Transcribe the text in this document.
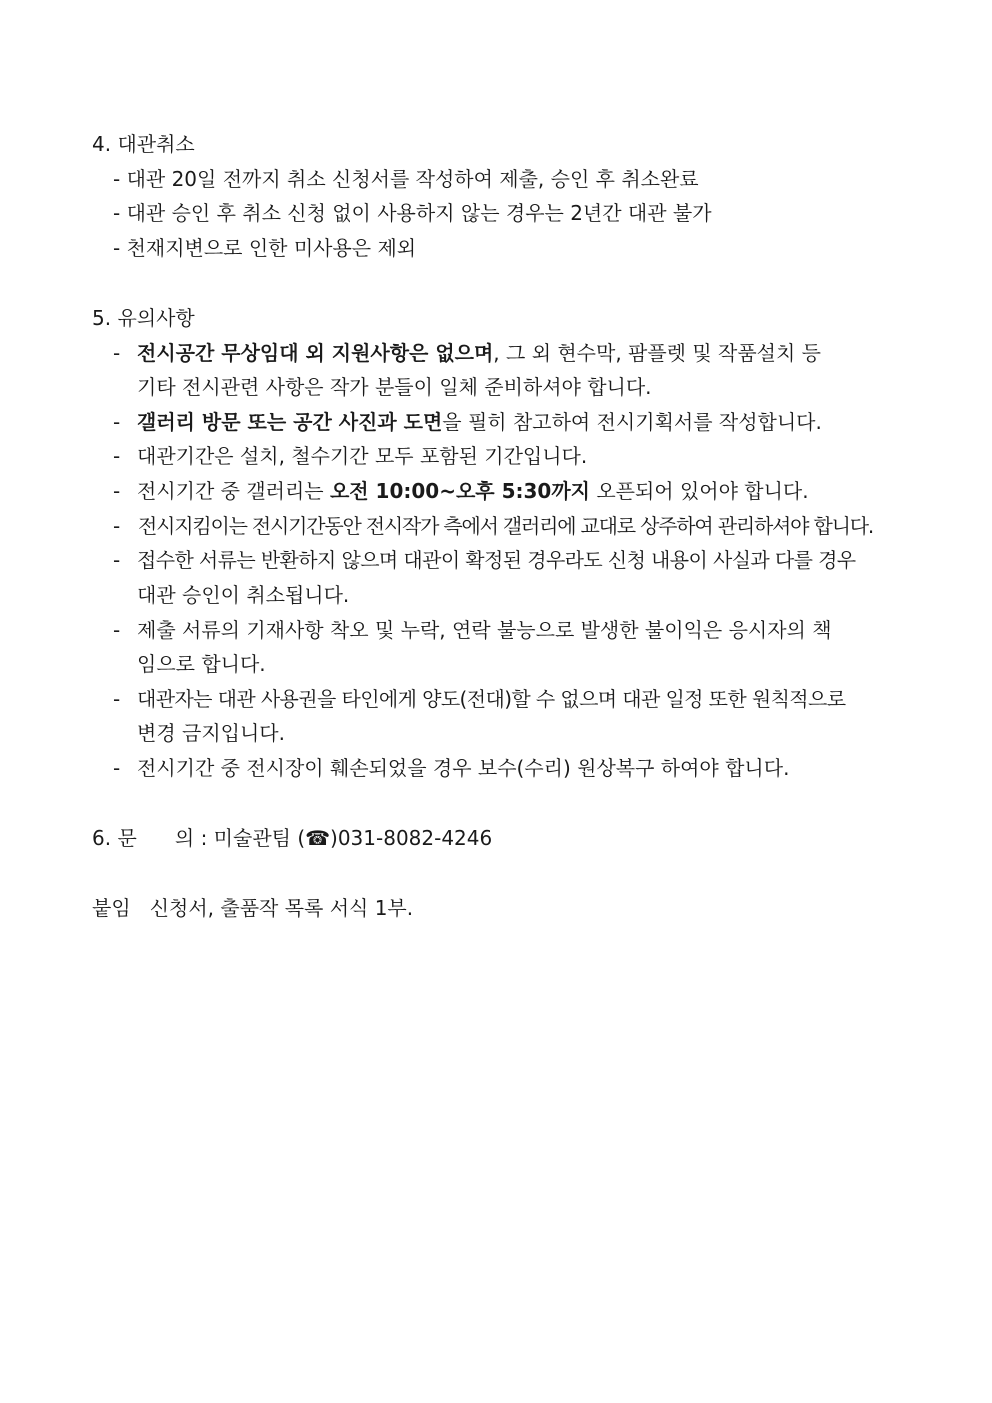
4. 대관취소
- 대관 20일 전까지 취소 신청서를 작성하여 제출, 승인 후 취소완료
- 대관 승인 후 취소 신청 없이 사용하지 않는 경우는 2년간 대관 불가
- 천재지변으로 인한 미사용은 제외
5. 유의사항
- 전시공간 무상임대 외 지원사항은 없으며, 그 외 현수막, 팜플렛 및 작품설치 등
기타 전시관련 사항은 작가 분들이 일체 준비하셔야 합니다.
- 갤러리 방문 또는 공간 사진과 도면을 필히 참고하여 전시기획서를 작성합니다.
- 대관기간은 설치, 철수기간 모두 포함된 기간입니다.
- 전시기간 중 갤러리는 오전 10:00~오후 5:30까지 오픈되어 있어야 합니다.
- 전시지킴이는 전시기간동안 전시작가 측에서 갤러리에 교대로 상주하여 관리하셔야 합니다.
- 접수한 서류는 반환하지 않으며 대관이 확정된 경우라도 신청 내용이 사실과 다를 경우
대관 승인이 취소됩니다.
- 제출 서류의 기재사항 착오 및 누락, 연락 불능으로 발생한 불이익은 응시자의 책
임으로 합니다.
- 대관자는 대관 사용권을 타인에게 양도(전대)할 수 없으며 대관 일정 또한 원칙적으로
변경 금지입니다.
- 전시기간 중 전시장이 훼손되었을 경우 보수(수리) 원상복구 하여야 합니다.
6. 문      의 : 미술관팀 (☎)031-8082-4246
붙임   신청서, 출품작 목록 서식 1부.
